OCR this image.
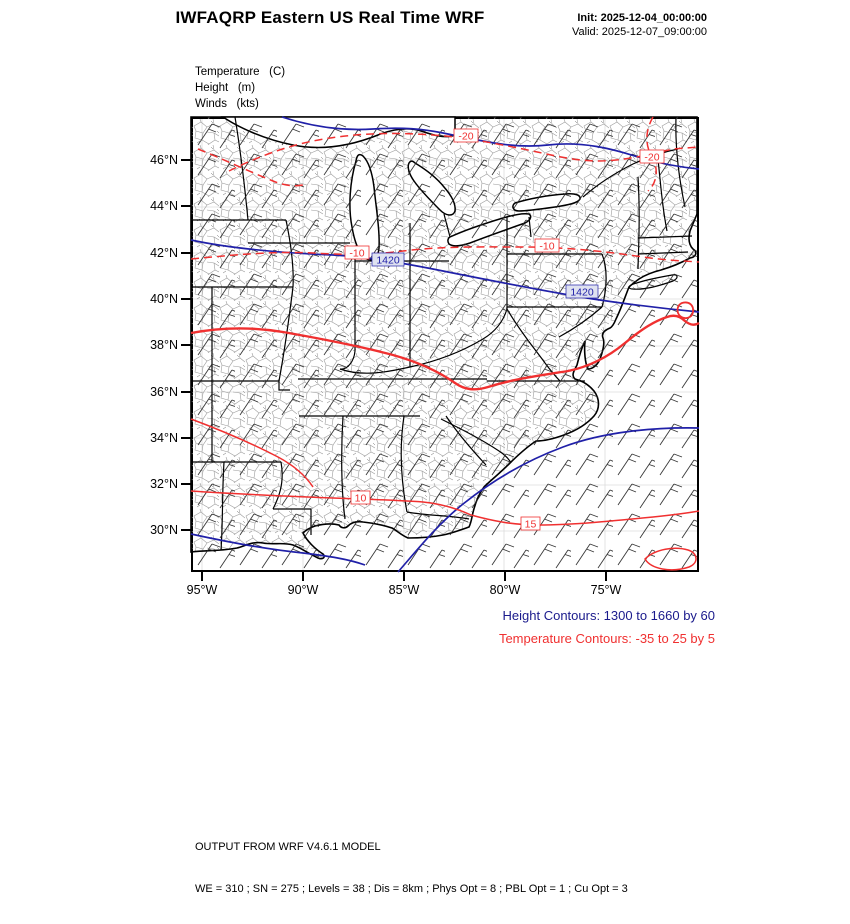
IWFAQRP Eastern US Real Time WRF	Init: 2025-12-04_00:00:00
Valid: 2025-12-07_09:00:00
Temperature   (C)
Height   (m)
Winds   (kts)
46°N
44°N
42°N
40°N
38°N
36°N
34°N
32°N
30°N
95°W	90°W	85°W	80°W	75°W
-20
-20
-10
-10
1420
1420
10
15
Height Contours: 1300 to 1660 by 60
Temperature Contours: -35 to 25 by 5

OUTPUT FROM WRF V4.6.1 MODEL

WE = 310 ; SN = 275 ; Levels = 38 ; Dis = 8km ; Phys Opt = 8 ; PBL Opt = 1 ; Cu Opt = 3
